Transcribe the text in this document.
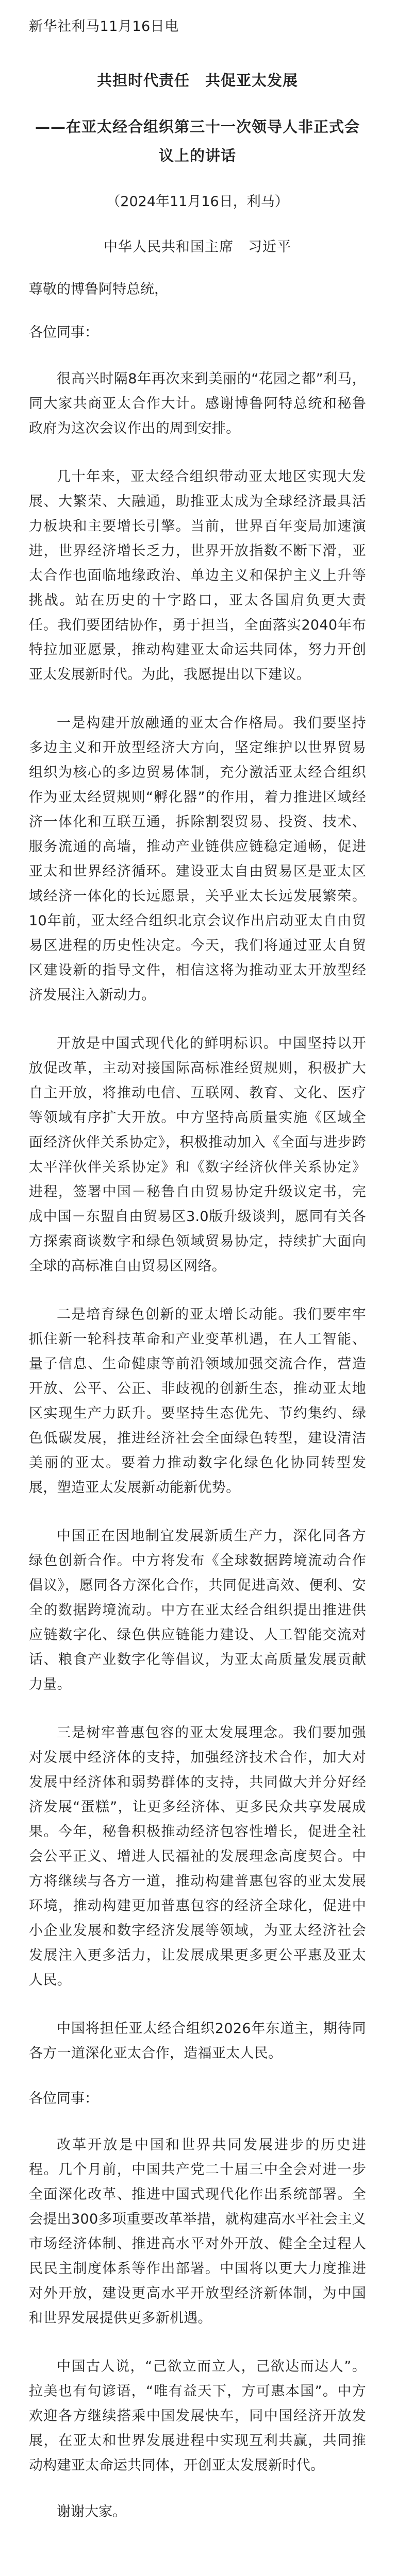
新华社利马11月16日电

共担时代责任　共促亚太发展
——在亚太经合组织第三十一次领导人非正式会议上的讲话

（2024年11月16日，利马）

中华人民共和国主席　习近平

尊敬的博鲁阿特总统，

各位同事：

很高兴时隔8年再次来到美丽的“花园之都”利马，同大家共商亚太合作大计。感谢博鲁阿特总统和秘鲁政府为这次会议作出的周到安排。

几十年来，亚太经合组织带动亚太地区实现大发展、大繁荣、大融通，助推亚太成为全球经济最具活力板块和主要增长引擎。当前，世界百年变局加速演进，世界经济增长乏力，世界开放指数不断下滑，亚太合作也面临地缘政治、单边主义和保护主义上升等挑战。站在历史的十字路口，亚太各国肩负更大责任。我们要团结协作，勇于担当，全面落实2040年布特拉加亚愿景，推动构建亚太命运共同体，努力开创亚太发展新时代。为此，我愿提出以下建议。

一是构建开放融通的亚太合作格局。我们要坚持多边主义和开放型经济大方向，坚定维护以世界贸易组织为核心的多边贸易体制，充分激活亚太经合组织作为亚太经贸规则“孵化器”的作用，着力推进区域经济一体化和互联互通，拆除割裂贸易、投资、技术、服务流通的高墙，推动产业链供应链稳定通畅，促进亚太和世界经济循环。建设亚太自由贸易区是亚太区域经济一体化的长远愿景，关乎亚太长远发展繁荣。10年前，亚太经合组织北京会议作出启动亚太自由贸易区进程的历史性决定。今天，我们将通过亚太自贸区建设新的指导文件，相信这将为推动亚太开放型经济发展注入新动力。

开放是中国式现代化的鲜明标识。中国坚持以开放促改革，主动对接国际高标准经贸规则，积极扩大自主开放，将推动电信、互联网、教育、文化、医疗等领域有序扩大开放。中方坚持高质量实施《区域全面经济伙伴关系协定》，积极推动加入《全面与进步跨太平洋伙伴关系协定》和《数字经济伙伴关系协定》进程，签署中国－秘鲁自由贸易协定升级议定书，完成中国－东盟自由贸易区3.0版升级谈判，愿同有关各方探索商谈数字和绿色领域贸易协定，持续扩大面向全球的高标准自由贸易区网络。

二是培育绿色创新的亚太增长动能。我们要牢牢抓住新一轮科技革命和产业变革机遇，在人工智能、量子信息、生命健康等前沿领域加强交流合作，营造开放、公平、公正、非歧视的创新生态，推动亚太地区实现生产力跃升。要坚持生态优先、节约集约、绿色低碳发展，推进经济社会全面绿色转型，建设清洁美丽的亚太。要着力推动数字化绿色化协同转型发展，塑造亚太发展新动能新优势。

中国正在因地制宜发展新质生产力，深化同各方绿色创新合作。中方将发布《全球数据跨境流动合作倡议》，愿同各方深化合作，共同促进高效、便利、安全的数据跨境流动。中方在亚太经合组织提出推进供应链数字化、绿色供应链能力建设、人工智能交流对话、粮食产业数字化等倡议，为亚太高质量发展贡献力量。

三是树牢普惠包容的亚太发展理念。我们要加强对发展中经济体的支持，加强经济技术合作，加大对发展中经济体和弱势群体的支持，共同做大并分好经济发展“蛋糕”，让更多经济体、更多民众共享发展成果。今年，秘鲁积极推动经济包容性增长，促进全社会公平正义、增进人民福祉的发展理念高度契合。中方将继续与各方一道，推动构建普惠包容的亚太发展环境，推动构建更加普惠包容的经济全球化，促进中小企业发展和数字经济发展等领域，为亚太经济社会发展注入更多活力，让发展成果更多更公平惠及亚太人民。

中国将担任亚太经合组织2026年东道主，期待同各方一道深化亚太合作，造福亚太人民。

各位同事：

改革开放是中国和世界共同发展进步的历史进程。几个月前，中国共产党二十届三中全会对进一步全面深化改革、推进中国式现代化作出系统部署。全会提出300多项重要改革举措，就构建高水平社会主义市场经济体制、推进高水平对外开放、健全全过程人民民主制度体系等作出部署。中国将以更大力度推进对外开放，建设更高水平开放型经济新体制，为中国和世界发展提供更多新机遇。

中国古人说，“己欲立而立人，己欲达而达人”。拉美也有句谚语，“唯有益天下，方可惠本国”。中方欢迎各方继续搭乘中国发展快车，同中国经济开放发展，在亚太和世界发展进程中实现互利共赢，共同推动构建亚太命运共同体，开创亚太发展新时代。

谢谢大家。
